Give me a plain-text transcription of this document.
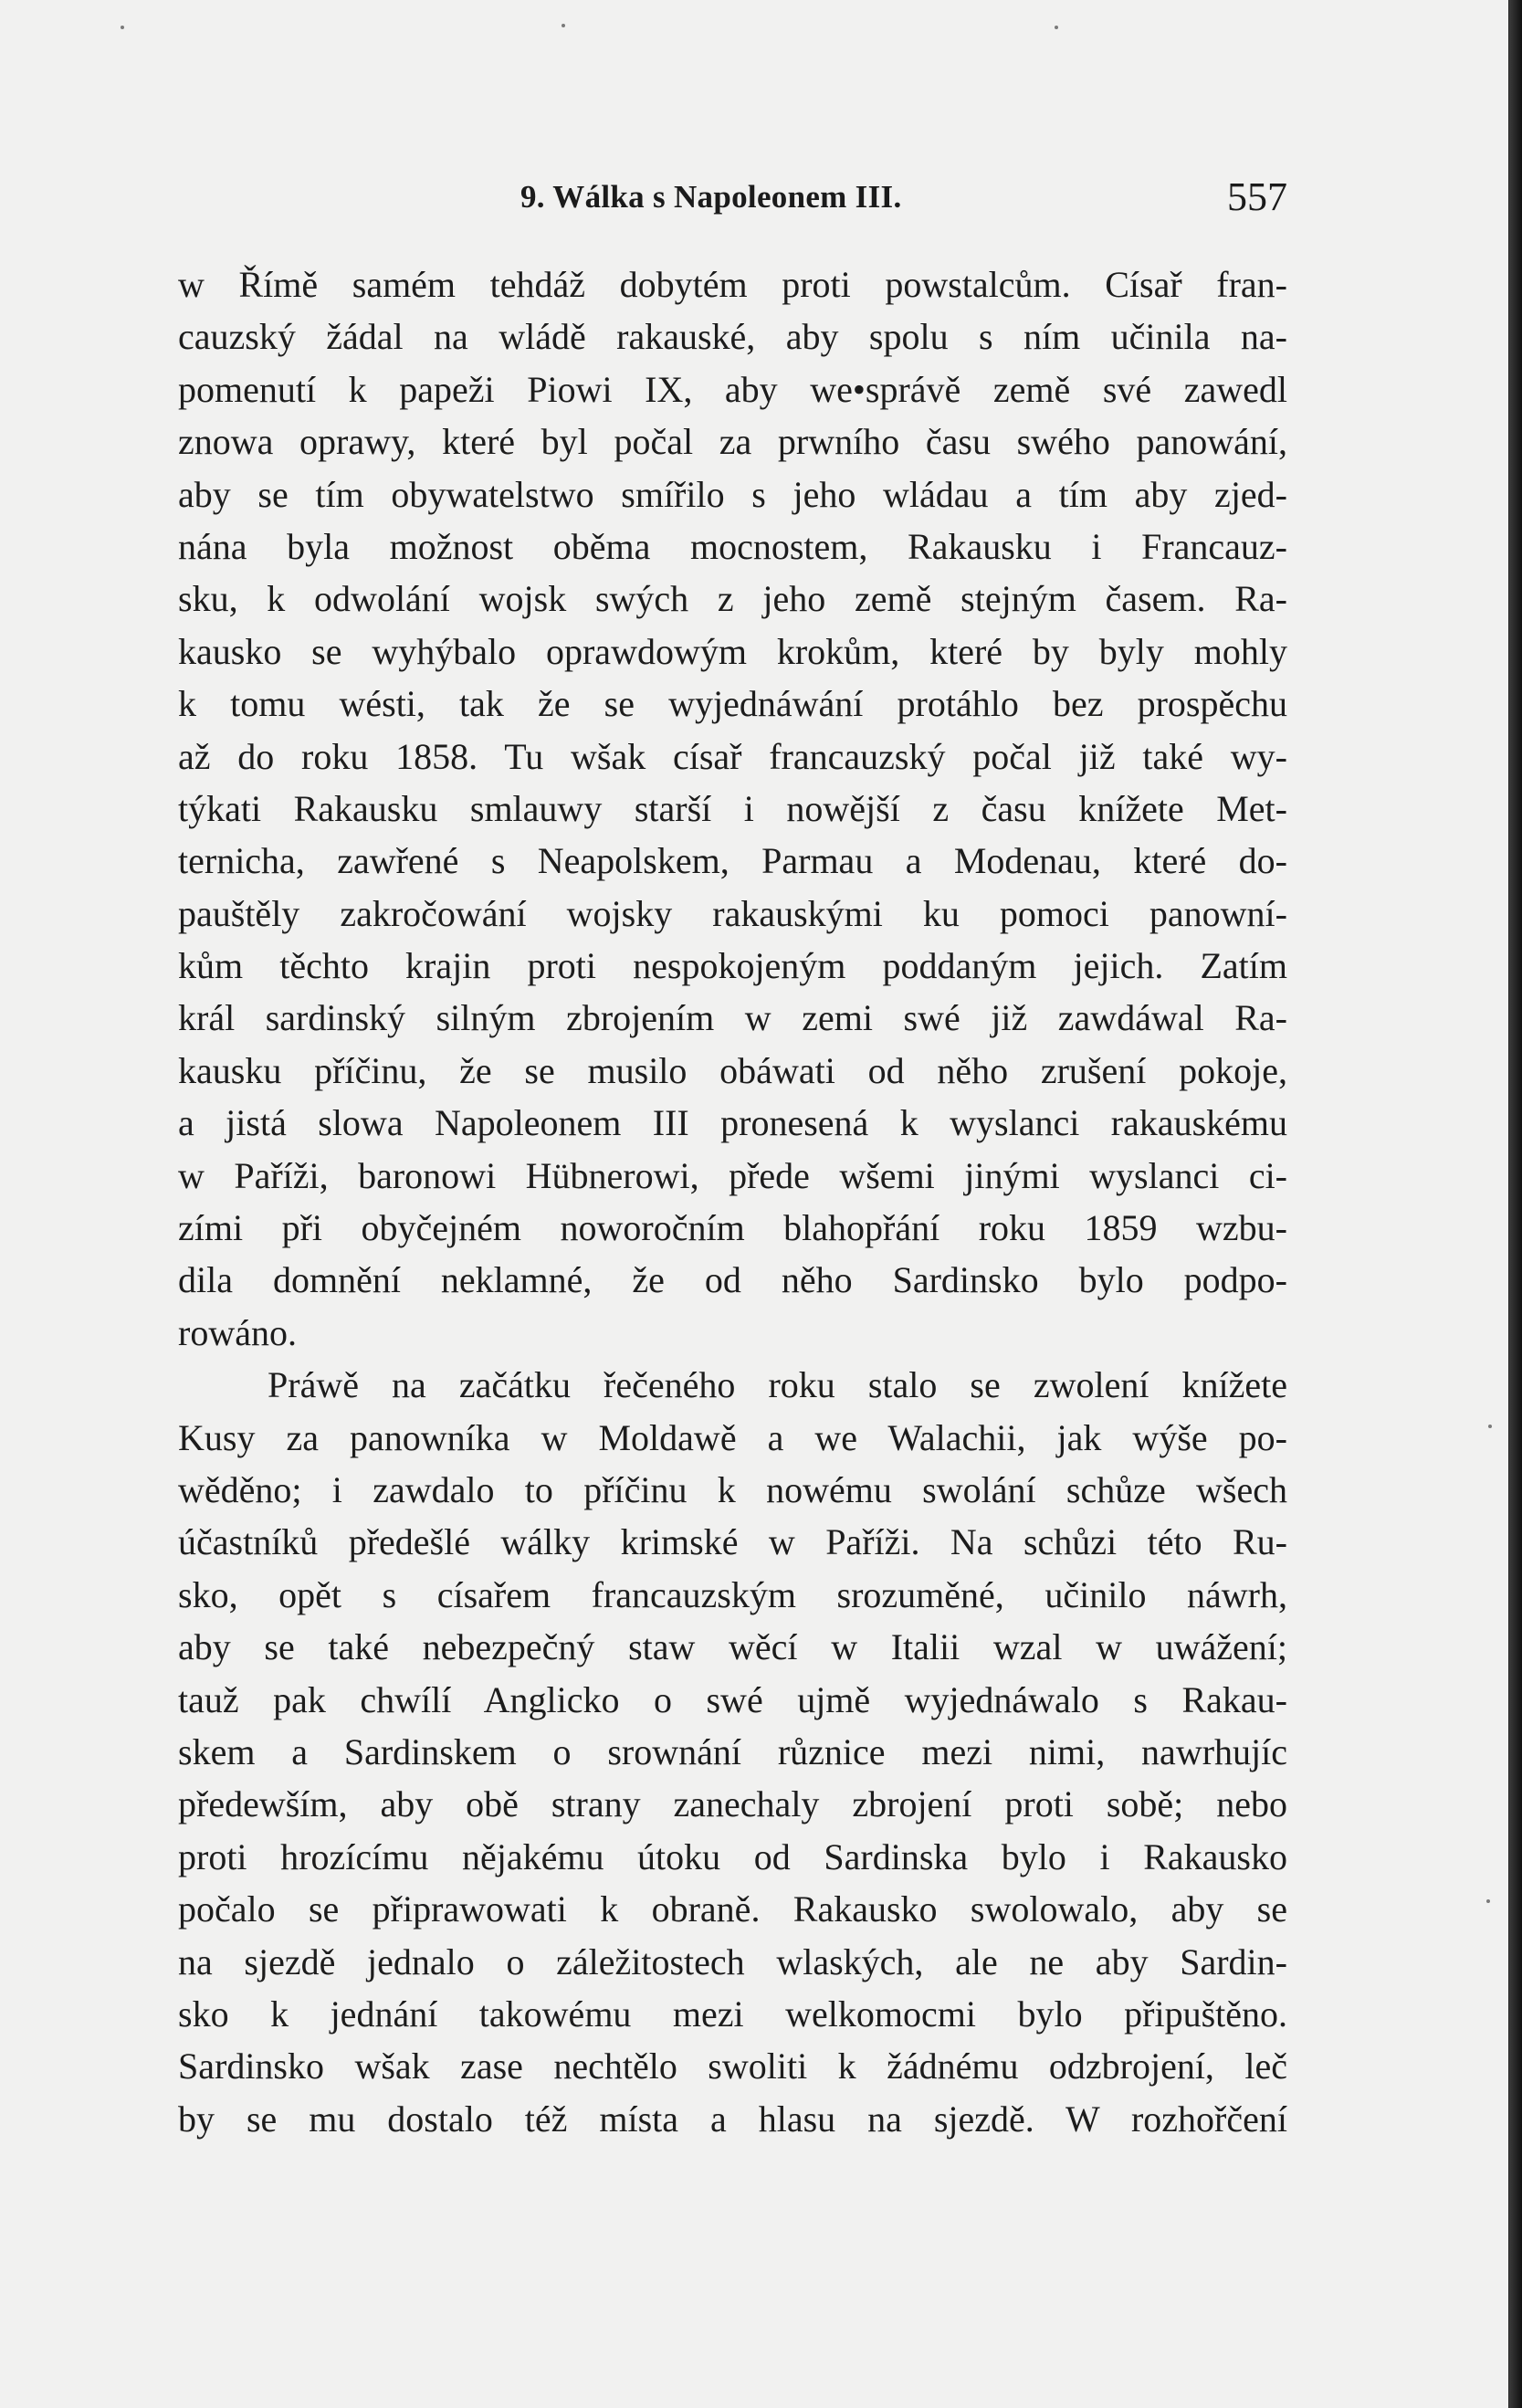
9. Wálka s Napoleonem III.	557
w Římě samém tehdáž dobytém proti powstalcům. Císař fran-
cauzský žádal na wládě rakauské, aby spolu s ním učinila na-
pomenutí k papeži Piowi IX, aby we•správě země své zawedl
znowa oprawy, které byl počal za prwního času swého panowání,
aby se tím obywatelstwo smířilo s jeho wládau a tím aby zjed-
nána byla možnost oběma mocnostem, Rakausku i Francauz-
sku, k odwolání wojsk swých z jeho země stejným časem. Ra-
kausko se wyhýbalo oprawdowým krokům, které by byly mohly
k tomu wésti, tak že se wyjednáwání protáhlo bez prospěchu
až do roku 1858. Tu wšak císař francauzský počal již také wy-
týkati Rakausku smlauwy starší i nowější z času knížete Met-
ternicha, zawřené s Neapolskem, Parmau a Modenau, které do-
pauštěly zakročowání wojsky rakauskými ku pomoci panowní-
kům těchto krajin proti nespokojeným poddaným jejich. Zatím
král sardinský silným zbrojením w zemi swé již zawdáwal Ra-
kausku příčinu, že se musilo obáwati od něho zrušení pokoje,
a jistá slowa Napoleonem III pronesená k wyslanci rakauskému
w Paříži, baronowi Hübnerowi, přede wšemi jinými wyslanci ci-
zími při obyčejném noworočním blahopřání roku 1859 wzbu-
dila domnění neklamné, že od něho Sardinsko bylo podpo-
rowáno.
Práwě na začátku řečeného roku stalo se zwolení knížete
Kusy za panowníka w Moldawě a we Walachii, jak wýše po-
wěděno; i zawdalo to příčinu k nowému swolání schůze wšech
účastníků předešlé wálky krimské w Paříži. Na schůzi této Ru-
sko, opět s císařem francauzským srozuměné, učinilo náwrh,
aby se také nebezpečný staw wěcí w Italii wzal w uwážení;
tauž pak chwílí Anglicko o swé ujmě wyjednáwalo s Rakau-
skem a Sardinskem o srownání různice mezi nimi, nawrhujíc
předewším, aby obě strany zanechaly zbrojení proti sobě; nebo
proti hrozícímu nějakému útoku od Sardinska bylo i Rakausko
počalo se připrawowati k obraně. Rakausko swolowalo, aby se
na sjezdě jednalo o záležitostech wlaských, ale ne aby Sardin-
sko k jednání takowému mezi welkomocmi bylo připuštěno.
Sardinsko wšak zase nechtělo swoliti k žádnému odzbrojení, leč
by se mu dostalo též místa a hlasu na sjezdě. W rozhořčení
